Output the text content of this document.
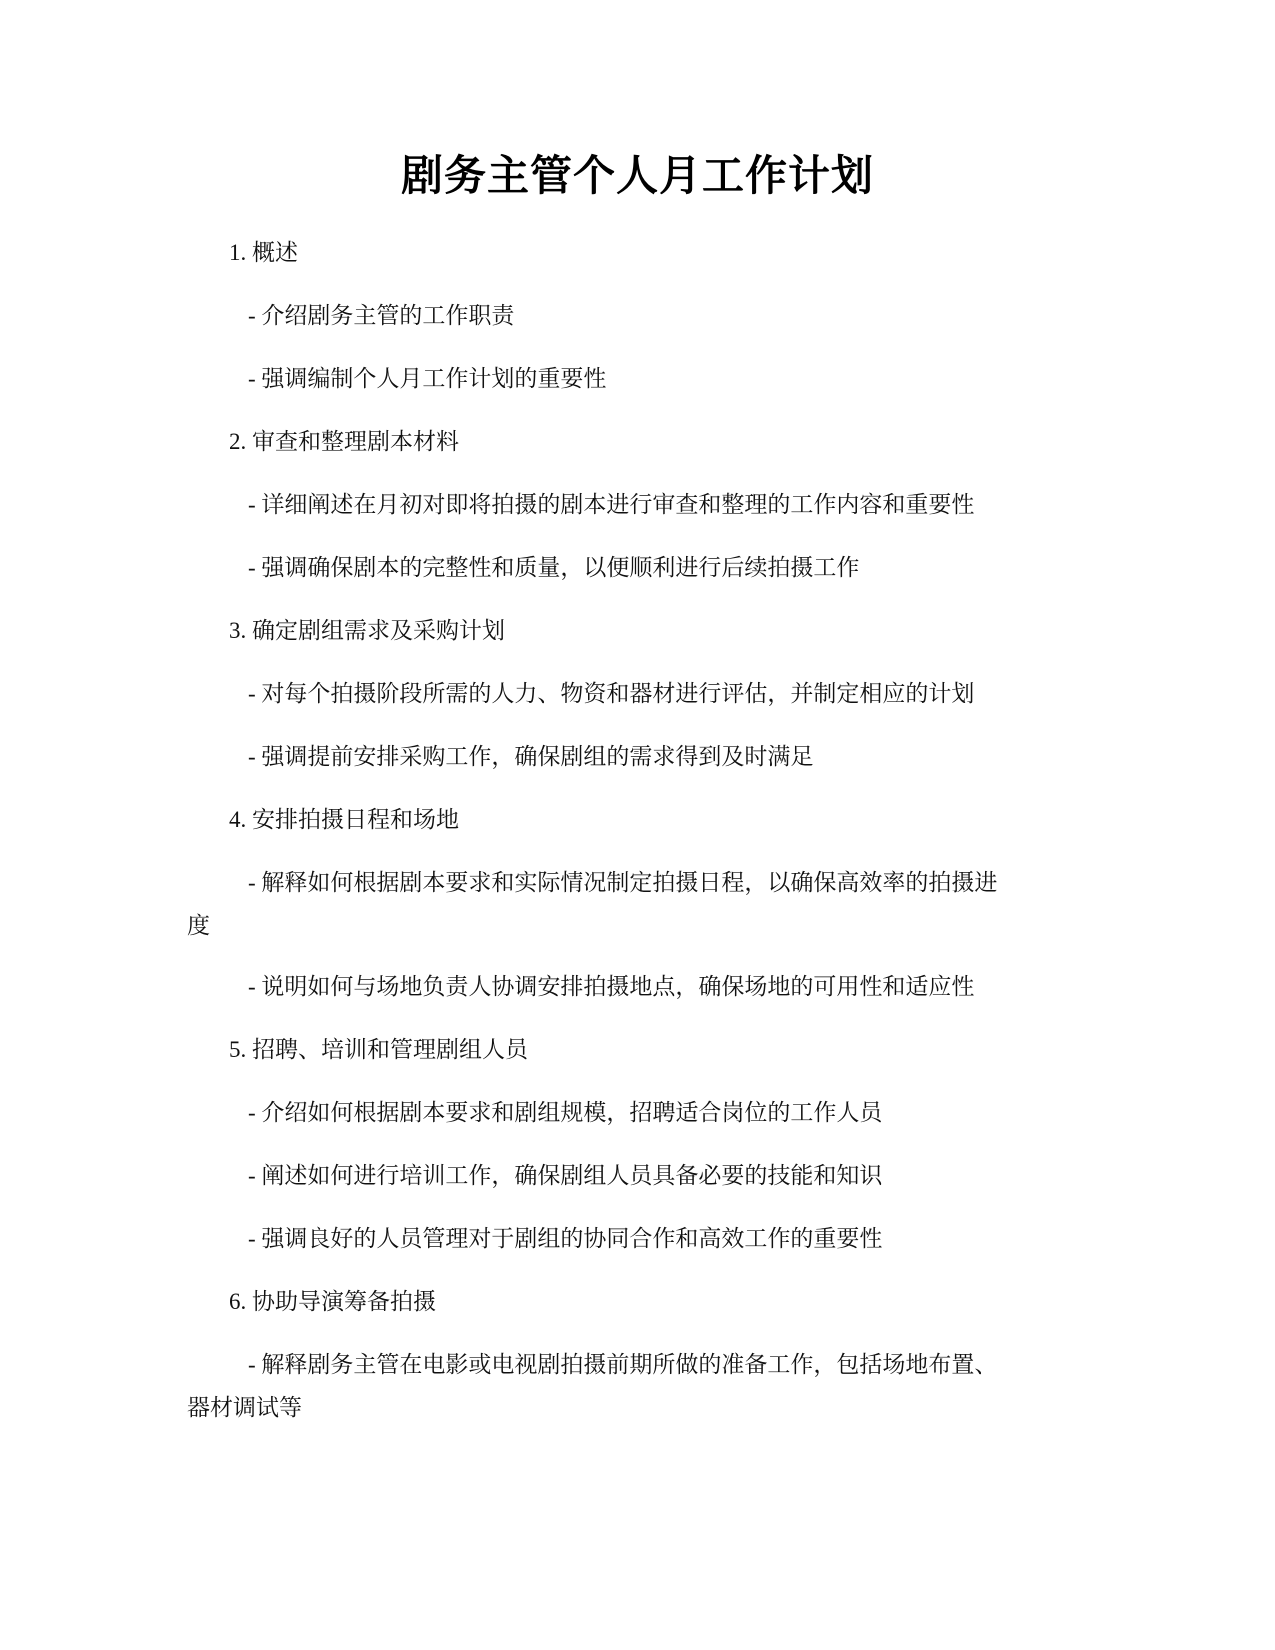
剧务主管个人月工作计划
1. 概述
- 介绍剧务主管的工作职责
- 强调编制个人月工作计划的重要性
2. 审查和整理剧本材料
- 详细阐述在月初对即将拍摄的剧本进行审查和整理的工作内容和重要性
- 强调确保剧本的完整性和质量，以便顺利进行后续拍摄工作
3. 确定剧组需求及采购计划
- 对每个拍摄阶段所需的人力、物资和器材进行评估，并制定相应的计划
- 强调提前安排采购工作，确保剧组的需求得到及时满足
4. 安排拍摄日程和场地
- 解释如何根据剧本要求和实际情况制定拍摄日程，以确保高效率的拍摄进
度
- 说明如何与场地负责人协调安排拍摄地点，确保场地的可用性和适应性
5. 招聘、培训和管理剧组人员
- 介绍如何根据剧本要求和剧组规模，招聘适合岗位的工作人员
- 阐述如何进行培训工作，确保剧组人员具备必要的技能和知识
- 强调良好的人员管理对于剧组的协同合作和高效工作的重要性
6. 协助导演筹备拍摄
- 解释剧务主管在电影或电视剧拍摄前期所做的准备工作，包括场地布置、
器材调试等
